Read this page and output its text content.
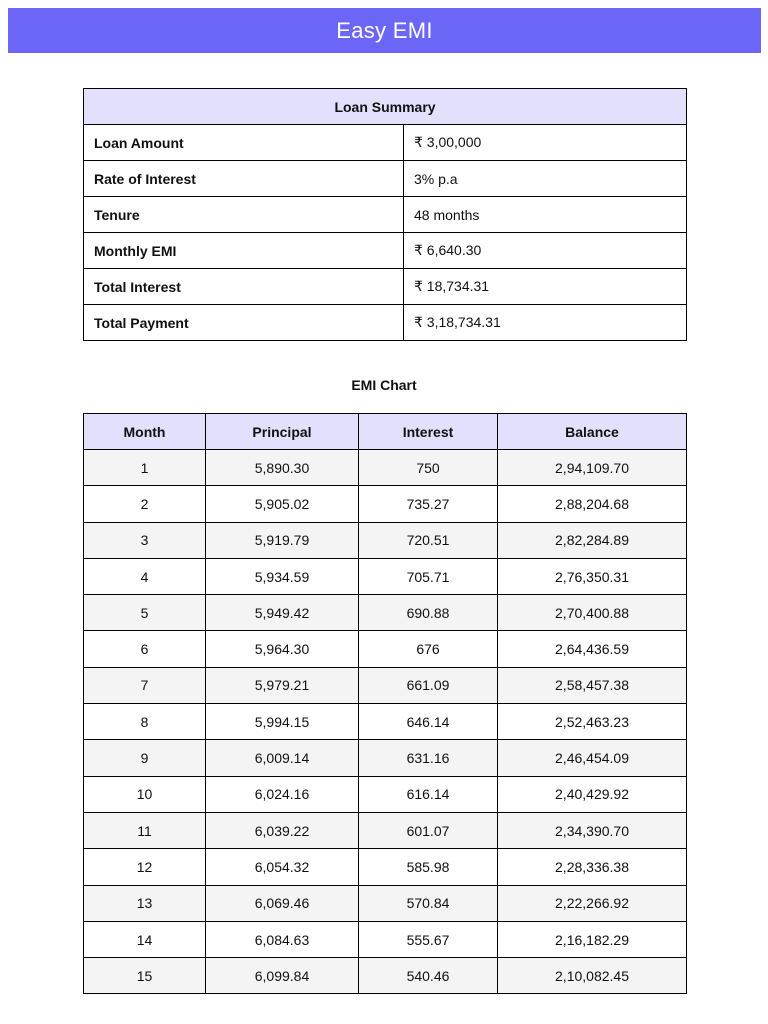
Easy EMI
Loan Summary	
Loan Amount	₹ 3,00,000
Rate of Interest	3% p.a
Tenure	48 months
Monthly EMI	₹ 6,640.30
Total Interest	₹ 18,734.31
Total Payment	₹ 3,18,734.31
EMI Chart
Month	Principal	Interest	Balance
1	5,890.30	750	2,94,109.70
2	5,905.02	735.27	2,88,204.68
3	5,919.79	720.51	2,82,284.89
4	5,934.59	705.71	2,76,350.31
5	5,949.42	690.88	2,70,400.88
6	5,964.30	676	2,64,436.59
7	5,979.21	661.09	2,58,457.38
8	5,994.15	646.14	2,52,463.23
9	6,009.14	631.16	2,46,454.09
10	6,024.16	616.14	2,40,429.92
11	6,039.22	601.07	2,34,390.70
12	6,054.32	585.98	2,28,336.38
13	6,069.46	570.84	2,22,266.92
14	6,084.63	555.67	2,16,182.29
15	6,099.84	540.46	2,10,082.45
